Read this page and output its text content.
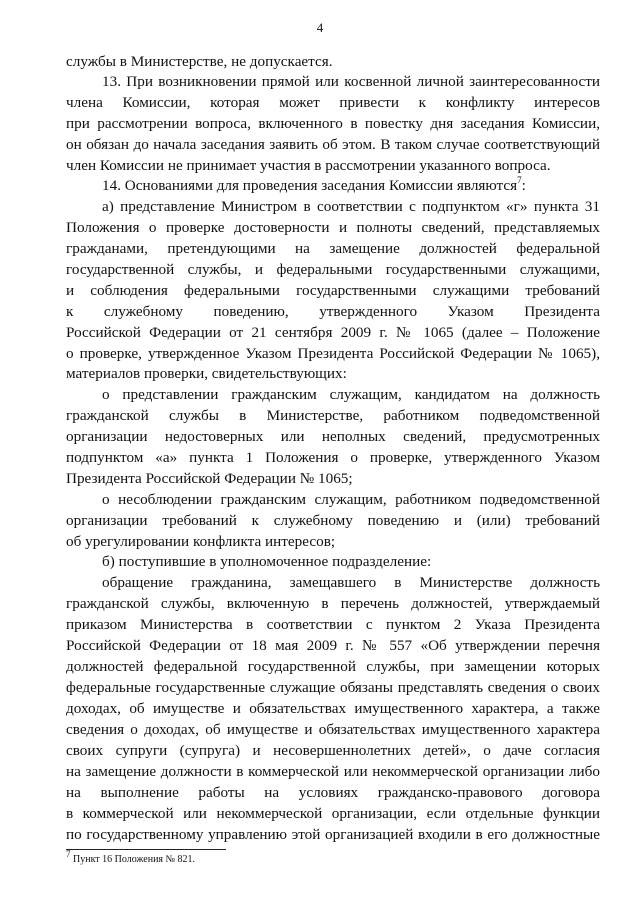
4
службы в Министерстве, не допускается.
13. При возникновении прямой или косвенной личной заинтересованности
члена Комиссии, которая может привести к конфликту интересов
при рассмотрении вопроса, включенного в повестку дня заседания Комиссии,
он обязан до начала заседания заявить об этом. В таком случае соответствующий
член Комиссии не принимает участия в рассмотрении указанного вопроса.
14. Основаниями для проведения заседания Комиссии являются$^7$:
а) представление Министром в соответствии с подпунктом «г» пункта 31
Положения о проверке достоверности и полноты сведений, представляемых
гражданами, претендующими на замещение должностей федеральной
государственной службы, и федеральными государственными служащими,
и соблюдения федеральными государственными служащими требований
к служебному поведению, утвержденного Указом Президента
Российской Федерации от 21 сентября 2009 г. № 1065 (далее – Положение
о проверке, утвержденное Указом Президента Российской Федерации № 1065),
материалов проверки, свидетельствующих:
о представлении гражданским служащим, кандидатом на должность
гражданской службы в Министерстве, работником подведомственной
организации недостоверных или неполных сведений, предусмотренных
подпунктом «а» пункта 1 Положения о проверке, утвержденного Указом
Президента Российской Федерации № 1065;
о несоблюдении гражданским служащим, работником подведомственной
организации требований к служебному поведению и (или) требований
об урегулировании конфликта интересов;
б) поступившие в уполномоченное подразделение:
обращение гражданина, замещавшего в Министерстве должность
гражданской службы, включенную в перечень должностей, утверждаемый
приказом Министерства в соответствии с пунктом 2 Указа Президента
Российской Федерации от 18 мая 2009 г. № 557 «Об утверждении перечня
должностей федеральной государственной службы, при замещении которых
федеральные государственные служащие обязаны представлять сведения о своих
доходах, об имуществе и обязательствах имущественного характера, а также
сведения о доходах, об имуществе и обязательствах имущественного характера
своих супруги (супруга) и несовершеннолетних детей», о даче согласия
на замещение должности в коммерческой или некоммерческой организации либо
на выполнение работы на условиях гражданско-правового договора
в коммерческой или некоммерческой организации, если отдельные функции
по государственному управлению этой организацией входили в его должностные
$^7$ Пункт 16 Положения № 821.
